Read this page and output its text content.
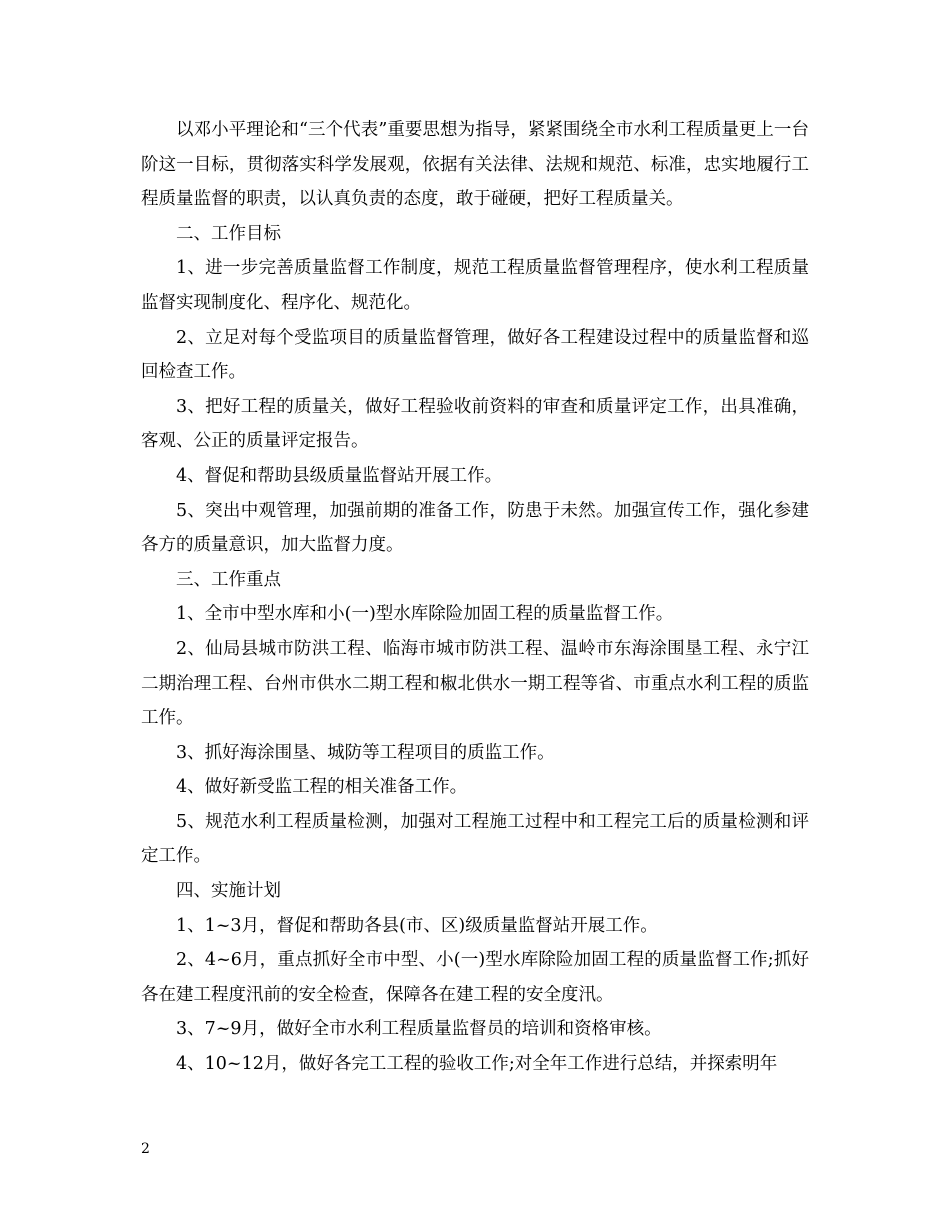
以邓小平理论和“三个代表”重要思想为指导，紧紧围绕全市水利工程质量更上一台阶这一目标，贯彻落实科学发展观，依据有关法律、法规和规范、标准，忠实地履行工程质量监督的职责，以认真负责的态度，敢于碰硬，把好工程质量关。

二、工作目标

1、进一步完善质量监督工作制度，规范工程质量监督管理程序，使水利工程质量监督实现制度化、程序化、规范化。

2、立足对每个受监项目的质量监督管理，做好各工程建设过程中的质量监督和巡回检查工作。

3、把好工程的质量关，做好工程验收前资料的审查和质量评定工作，出具准确，客观、公正的质量评定报告。

4、督促和帮助县级质量监督站开展工作。

5、突出中观管理，加强前期的准备工作，防患于未然。加强宣传工作，强化参建各方的质量意识，加大监督力度。

三、工作重点

1、全市中型水库和小(一)型水库除险加固工程的质量监督工作。

2、仙局县城市防洪工程、临海市城市防洪工程、温岭市东海涂围垦工程、永宁江二期治理工程、台州市供水二期工程和椒北供水一期工程等省、市重点水利工程的质监工作。

3、抓好海涂围垦、城防等工程项目的质监工作。

4、做好新受监工程的相关准备工作。

5、规范水利工程质量检测，加强对工程施工过程中和工程完工后的质量检测和评定工作。

四、实施计划

1、1~3月，督促和帮助各县(市、区)级质量监督站开展工作。

2、4~6月，重点抓好全市中型、小(一)型水库除险加固工程的质量监督工作;抓好各在建工程度汛前的安全检查，保障各在建工程的安全度汛。

3、7~9月，做好全市水利工程质量监督员的培训和资格审核。

4、10~12月，做好各完工工程的验收工作;对全年工作进行总结，并探索明年

2
